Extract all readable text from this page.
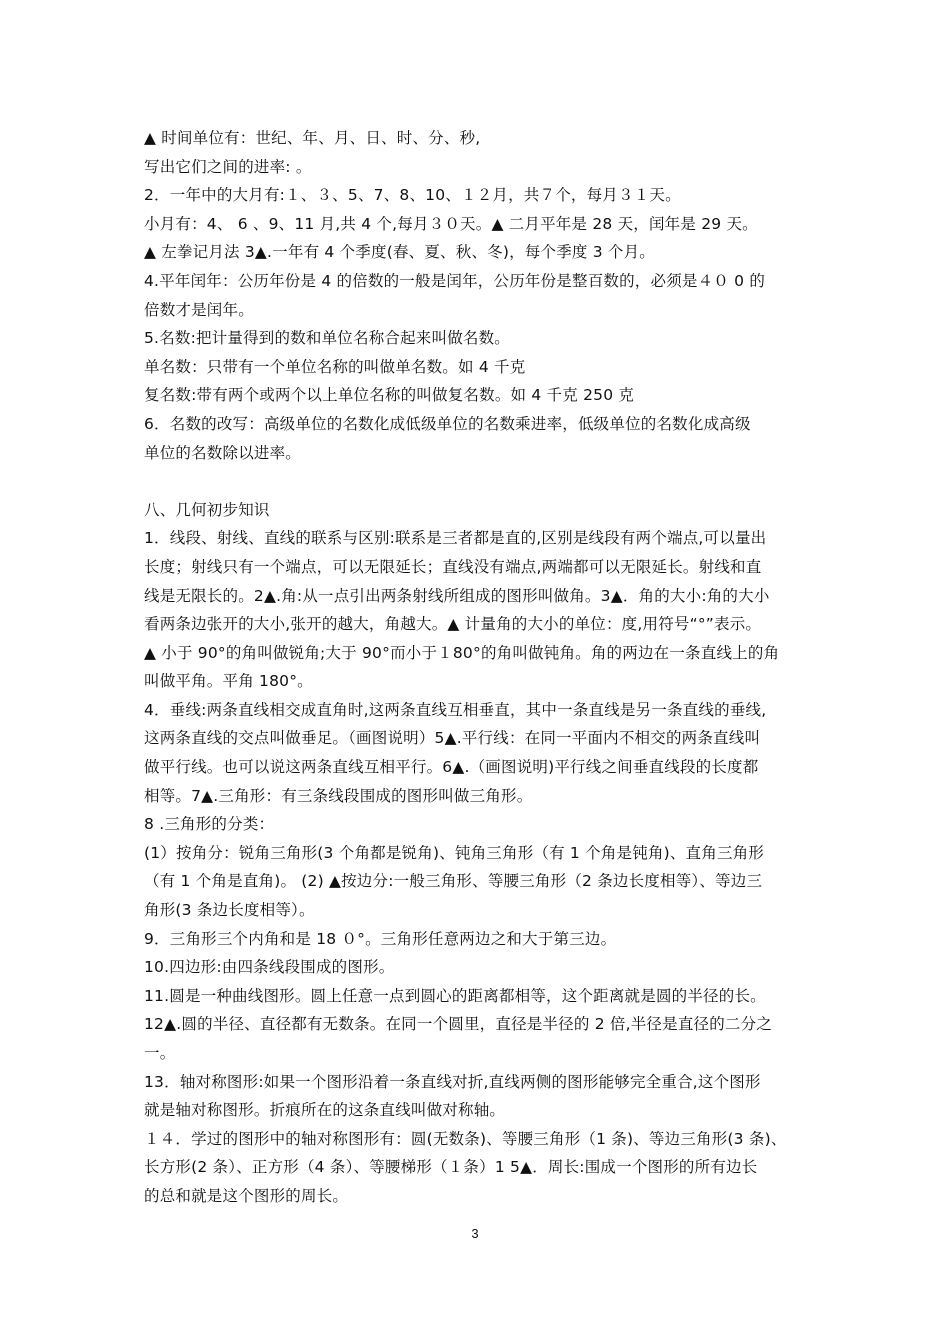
▲ 时间单位有：世纪、年、月、日、时、分、秒,
写出它们之间的进率: 。
2．一年中的大月有:１、３、5、7、8、10、１２月，共７个，每月３１天。
小月有：4、 6 、9、11 月,共 4 个,每月３０天。▲ 二月平年是 28 天，闰年是 29 天。
▲ 左拳记月法 3▲.一年有 4 个季度(春、夏、秋、冬)，每个季度 3 个月。
4.平年闰年：公历年份是 4 的倍数的一般是闰年，公历年份是整百数的，必须是４０ 0 的
倍数才是闰年。
5.名数:把计量得到的数和单位名称合起来叫做名数。
单名数：只带有一个单位名称的叫做单名数。如 4 千克
复名数:带有两个或两个以上单位名称的叫做复名数。如 4 千克 250 克
6．名数的改写：高级单位的名数化成低级单位的名数乘进率，低级单位的名数化成高级
单位的名数除以进率。
八、几何初步知识
1．线段、射线、直线的联系与区别:联系是三者都是直的,区别是线段有两个端点,可以量出
长度；射线只有一个端点，可以无限延长；直线没有端点,两端都可以无限延长。射线和直
线是无限长的。2▲.角:从一点引出两条射线所组成的图形叫做角。3▲．角的大小:角的大小
看两条边张开的大小,张开的越大，角越大。▲ 计量角的大小的单位：度,用符号“°”表示。
▲ 小于 90°的角叫做锐角;大于 90°而小于１80°的角叫做钝角。角的两边在一条直线上的角
叫做平角。平角 180°。
4．垂线:两条直线相交成直角时,这两条直线互相垂直，其中一条直线是另一条直线的垂线,
这两条直线的交点叫做垂足。（画图说明）5▲.平行线：在同一平面内不相交的两条直线叫
做平行线。也可以说这两条直线互相平行。6▲.（画图说明)平行线之间垂直线段的长度都
相等。7▲.三角形：有三条线段围成的图形叫做三角形。
8 .三角形的分类：
(1）按角分：锐角三角形(3 个角都是锐角)、钝角三角形（有 1 个角是钝角)、直角三角形
（有 1 个角是直角)。 (2) ▲按边分:一般三角形、等腰三角形（2 条边长度相等）、等边三
角形(3 条边长度相等）。
9．三角形三个内角和是 18 ０°。三角形任意两边之和大于第三边。
10.四边形:由四条线段围成的图形。
11.圆是一种曲线图形。圆上任意一点到圆心的距离都相等，这个距离就是圆的半径的长。
12▲.圆的半径、直径都有无数条。在同一个圆里，直径是半径的 2 倍,半径是直径的二分之
一。
13．轴对称图形:如果一个图形沿着一条直线对折,直线两侧的图形能够完全重合,这个图形
就是轴对称图形。折痕所在的这条直线叫做对称轴。
１４．学过的图形中的轴对称图形有：圆(无数条)、等腰三角形（1 条)、等边三角形(3 条)、
长方形(2 条）、正方形（4 条）、等腰梯形（１条）1 5▲．周长:围成一个图形的所有边长
的总和就是这个图形的周长。
3
